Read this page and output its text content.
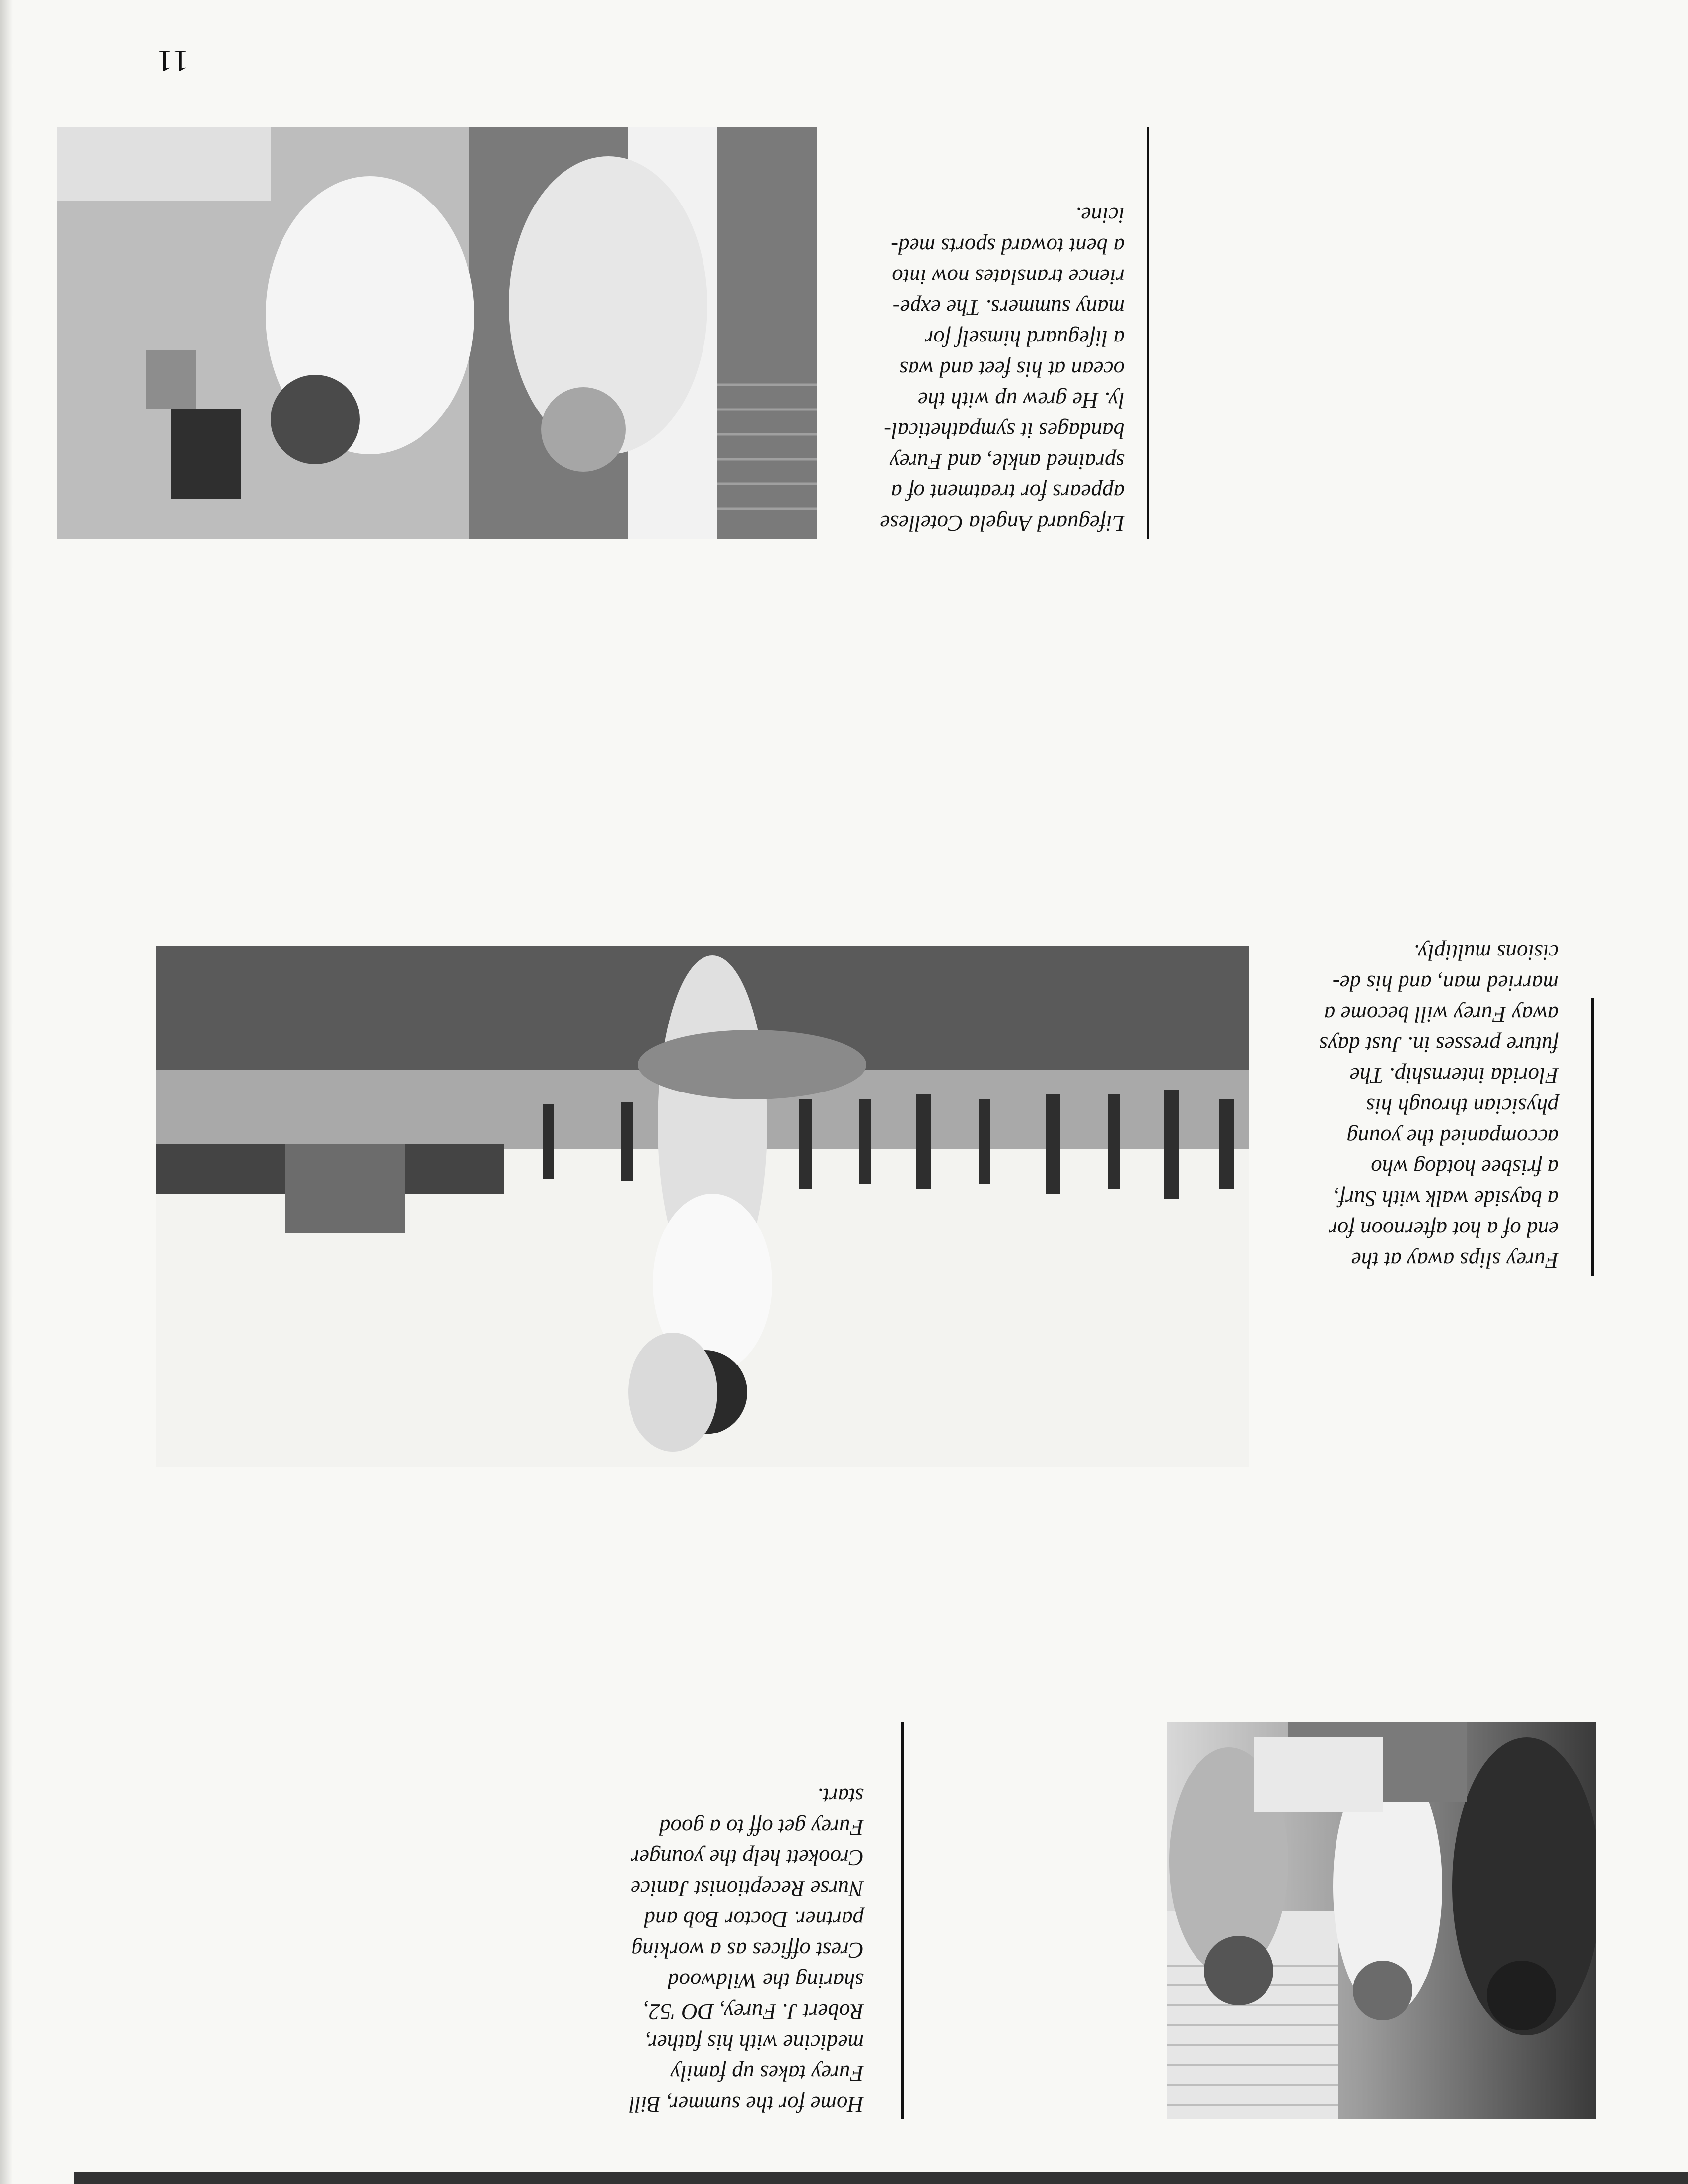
11
Home for the summer, Bill
Furey takes up family
medicine with his father,
Robert J. Furey, DO '52,
sharing the Wildwood
Crest offices as a working
partner. Doctor Bob and
Nurse Receptionist Janice
Crookett help the younger
Furey get off to a good
start.
Furey slips away at the
end of a hot afternoon for
a bayside walk with Surf,
a frisbee hotdog who
accompanied the young
physician through his
Florida internship. The
future presses in. Just days
away Furey will become a
married man, and his de-
cisions multiply.
Lifeguard Angela Cotellese
appears for treatment of a
sprained ankle, and Furey
bandages it sympathetical-
ly. He grew up with the
ocean at his feet and was
a lifeguard himself for
many summers. The expe-
rience translates now into
a bent toward sports med-
icine.
